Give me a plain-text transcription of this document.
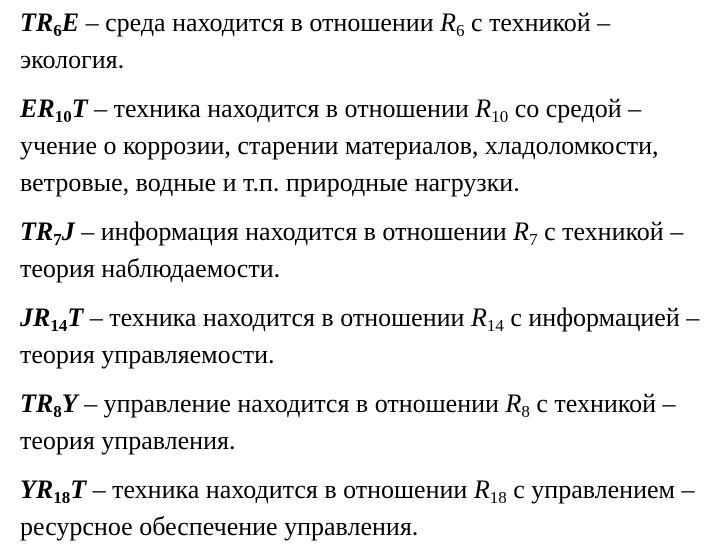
$TR_6E$ – среда находится в отношении $R_6$ с техникой – экология.

$ER_{10}T$ – техника находится в отношении $R_{10}$ со средой – учение о коррозии, старении материалов, хладоломкости, ветровые, водные и т.п. природные нагрузки.

$TR_7J$ – информация находится в отношении $R_7$ с техникой – теория наблюдаемости.

$JR_{14}T$ – техника находится в отношении $R_{14}$ с информацией – теория управляемости.

$TR_8Y$ – управление находится в отношении $R_8$ с техникой – теория управления.

$YR_{18}T$ – техника находится в отношении $R_{18}$ с управлением – ресурсное обеспечение управления.
